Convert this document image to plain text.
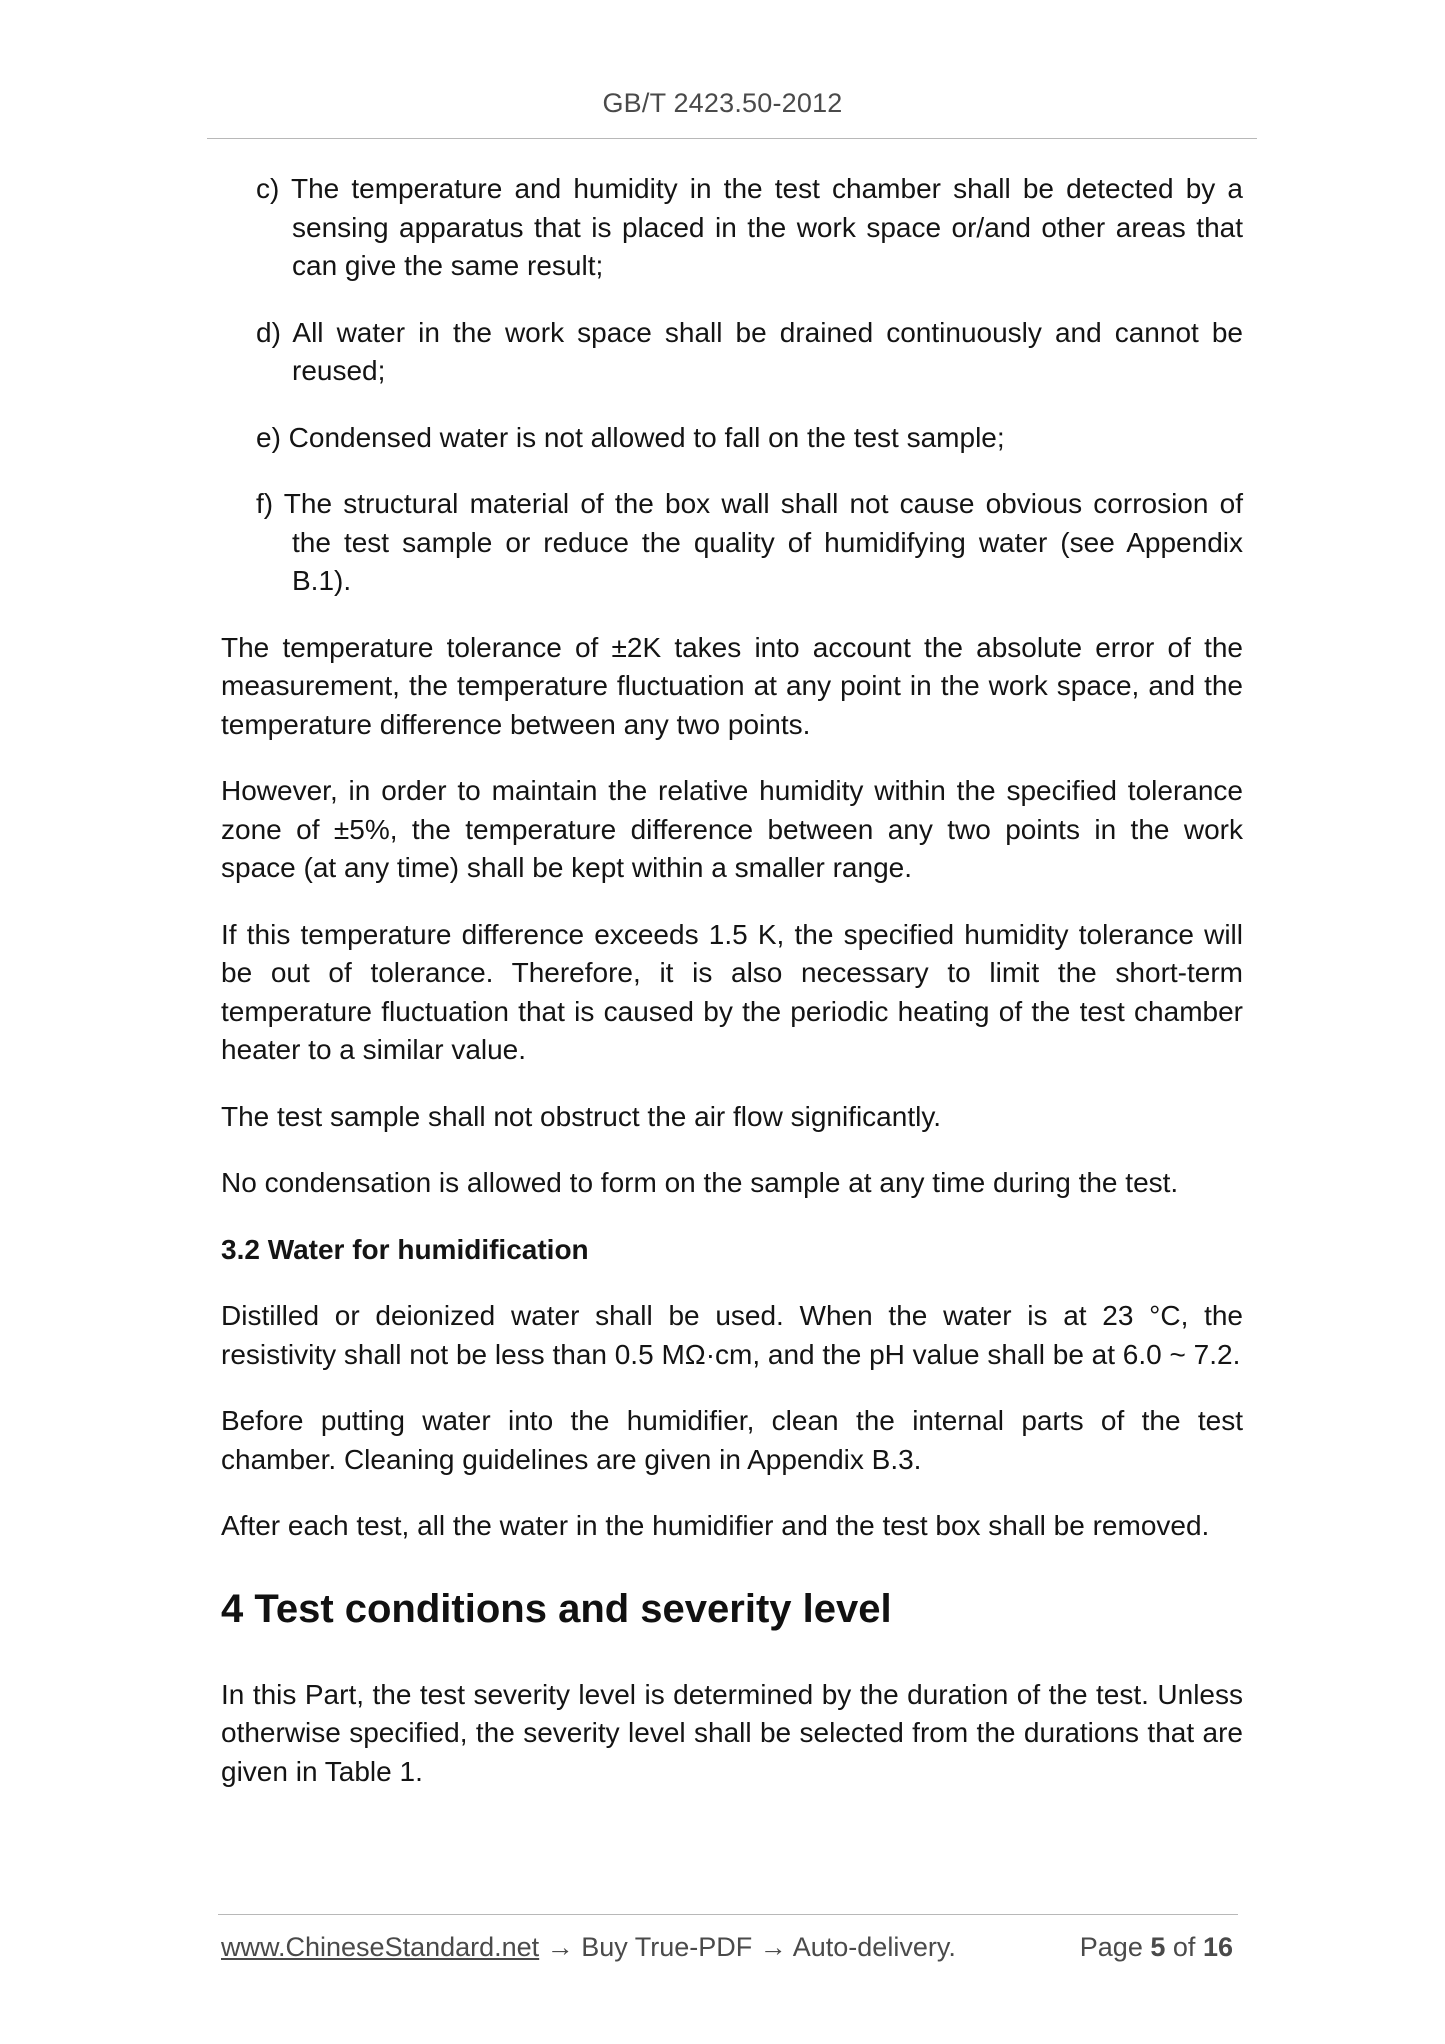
GB/T 2423.50-2012
c) The temperature and humidity in the test chamber shall be detected by a sensing apparatus that is placed in the work space or/and other areas that can give the same result;
d) All water in the work space shall be drained continuously and cannot be reused;
e) Condensed water is not allowed to fall on the test sample;
f) The structural material of the box wall shall not cause obvious corrosion of the test sample or reduce the quality of humidifying water (see Appendix B.1).

The temperature tolerance of ±2K takes into account the absolute error of the measurement, the temperature fluctuation at any point in the work space, and the temperature difference between any two points.

However, in order to maintain the relative humidity within the specified tolerance zone of ±5%, the temperature difference between any two points in the work space (at any time) shall be kept within a smaller range.

If this temperature difference exceeds 1.5 K, the specified humidity tolerance will be out of tolerance. Therefore, it is also necessary to limit the short-term temperature fluctuation that is caused by the periodic heating of the test chamber heater to a similar value.

The test sample shall not obstruct the air flow significantly.

No condensation is allowed to form on the sample at any time during the test.

3.2 Water for humidification

Distilled or deionized water shall be used. When the water is at 23 °C, the resistivity shall not be less than 0.5 MΩ·cm, and the pH value shall be at 6.0 ~ 7.2.

Before putting water into the humidifier, clean the internal parts of the test chamber. Cleaning guidelines are given in Appendix B.3.

After each test, all the water in the humidifier and the test box shall be removed.

4 Test conditions and severity level

In this Part, the test severity level is determined by the duration of the test. Unless otherwise specified, the severity level shall be selected from the durations that are given in Table 1.

www.ChineseStandard.net → Buy True-PDF → Auto-delivery.	Page 5 of 16
